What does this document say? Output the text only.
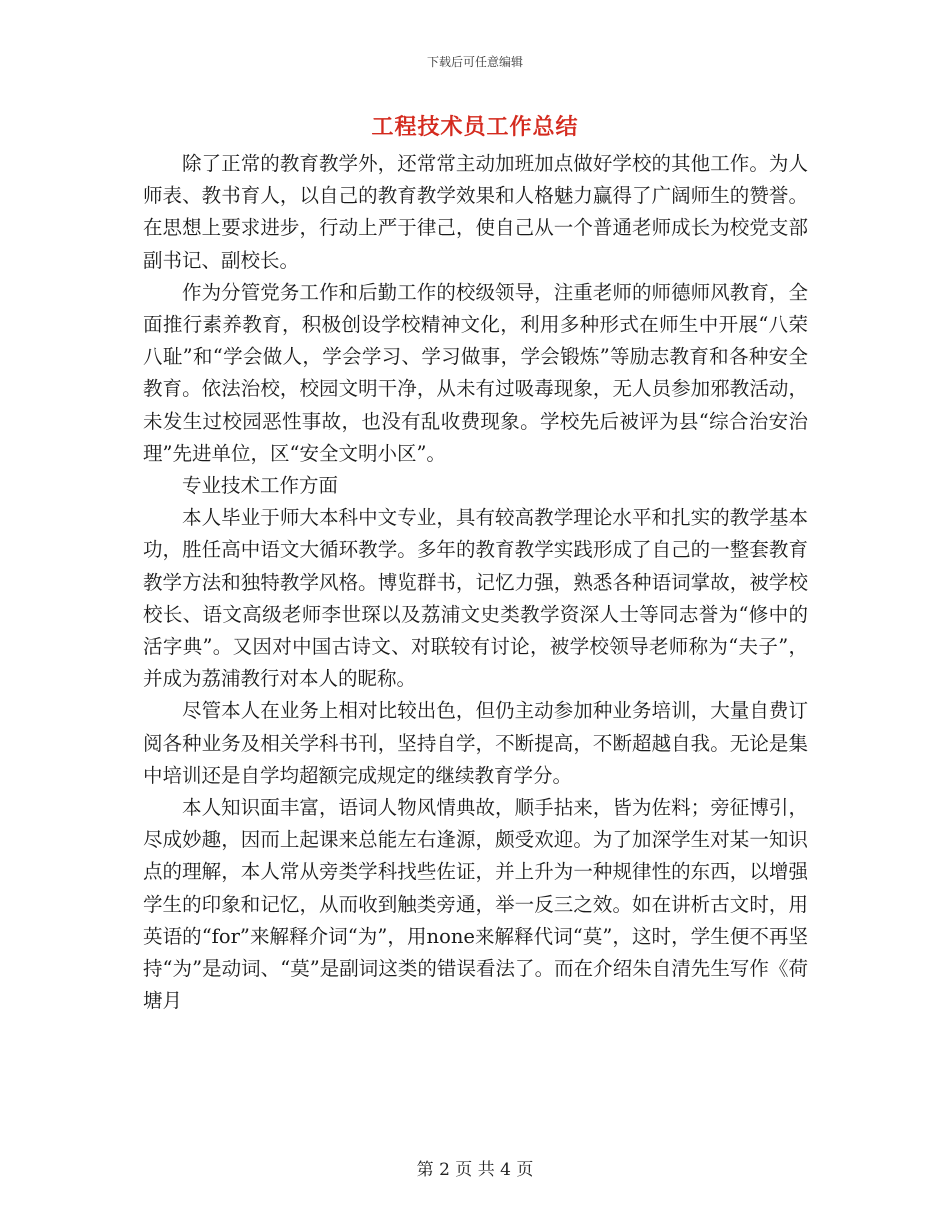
下载后可任意编辑
工程技术员工作总结

除了正常的教育教学外，还常常主动加班加点做好学校的其他工作。为人师表、教书育人，以自己的教育教学效果和人格魅力赢得了广阔师生的赞誉。在思想上要求进步，行动上严于律己，使自己从一个普通老师成长为校党支部副书记、副校长。

作为分管党务工作和后勤工作的校级领导，注重老师的师德师风教育，全面推行素养教育，积极创设学校精神文化，利用多种形式在师生中开展“八荣八耻”和“学会做人，学会学习、学习做事，学会锻炼”等励志教育和各种安全教育。依法治校，校园文明干净，从未有过吸毒现象，无人员参加邪教活动，未发生过校园恶性事故，也没有乱收费现象。学校先后被评为县“综合治安治理”先进单位，区“安全文明小区”。

专业技术工作方面

本人毕业于师大本科中文专业，具有较高教学理论水平和扎实的教学基本功，胜任高中语文大循环教学。多年的教育教学实践形成了自己的一整套教育教学方法和独特教学风格。博览群书，记忆力强，熟悉各种语词掌故，被学校校长、语文高级老师李世琛以及荔浦文史类教学资深人士等同志誉为“修中的活字典”。又因对中国古诗文、对联较有讨论，被学校领导老师称为“夫子”，并成为荔浦教行对本人的昵称。

尽管本人在业务上相对比较出色，但仍主动参加种业务培训，大量自费订阅各种业务及相关学科书刊，坚持自学，不断提高，不断超越自我。无论是集中培训还是自学均超额完成规定的继续教育学分。

本人知识面丰富，语词人物风情典故，顺手拈来，皆为佐料；旁征博引，尽成妙趣，因而上起课来总能左右逢源，颇受欢迎。为了加深学生对某一知识点的理解，本人常从旁类学科找些佐证，并上升为一种规律性的东西，以增强学生的印象和记忆，从而收到触类旁通，举一反三之效。如在讲析古文时，用英语的“for”来解释介词“为”，用none来解释代词“莫”，这时，学生便不再坚持“为”是动词、“莫”是副词这类的错误看法了。而在介绍朱自清先生写作《荷塘月

第 2 页 共 4 页
